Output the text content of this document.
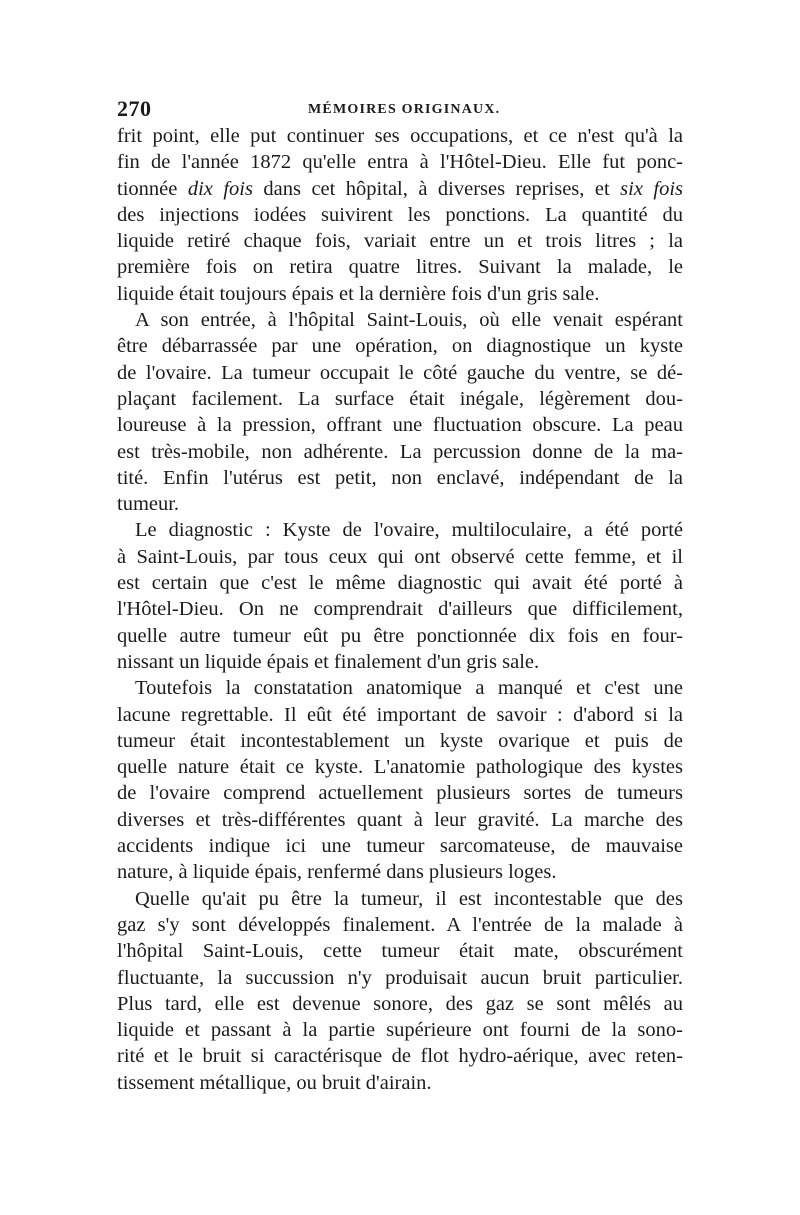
270	MÉMOIRES ORIGINAUX.
frit point, elle put continuer ses occupations, et ce n'est qu'à la
fin de l'année 1872 qu'elle entra à l'Hôtel-Dieu. Elle fut ponc-
tionnée dix fois dans cet hôpital, à diverses reprises, et six fois
des injections iodées suivirent les ponctions. La quantité du
liquide retiré chaque fois, variait entre un et trois litres ; la
première fois on retira quatre litres. Suivant la malade, le
liquide était toujours épais et la dernière fois d'un gris sale.
A son entrée, à l'hôpital Saint-Louis, où elle venait espérant
être débarrassée par une opération, on diagnostique un kyste
de l'ovaire. La tumeur occupait le côté gauche du ventre, se dé-
plaçant facilement. La surface était inégale, légèrement dou-
loureuse à la pression, offrant une fluctuation obscure. La peau
est très-mobile, non adhérente. La percussion donne de la ma-
tité. Enfin l'utérus est petit, non enclavé, indépendant de la
tumeur.
Le diagnostic : Kyste de l'ovaire, multiloculaire, a été porté
à Saint-Louis, par tous ceux qui ont observé cette femme, et il
est certain que c'est le même diagnostic qui avait été porté à
l'Hôtel-Dieu. On ne comprendrait d'ailleurs que difficilement,
quelle autre tumeur eût pu être ponctionnée dix fois en four-
nissant un liquide épais et finalement d'un gris sale.
Toutefois la constatation anatomique a manqué et c'est une
lacune regrettable. Il eût été important de savoir : d'abord si la
tumeur était incontestablement un kyste ovarique et puis de
quelle nature était ce kyste. L'anatomie pathologique des kystes
de l'ovaire comprend actuellement plusieurs sortes de tumeurs
diverses et très-différentes quant à leur gravité. La marche des
accidents indique ici une tumeur sarcomateuse, de mauvaise
nature, à liquide épais, renfermé dans plusieurs loges.
Quelle qu'ait pu être la tumeur, il est incontestable que des
gaz s'y sont développés finalement. A l'entrée de la malade à
l'hôpital Saint-Louis, cette tumeur était mate, obscurément
fluctuante, la succussion n'y produisait aucun bruit particulier.
Plus tard, elle est devenue sonore, des gaz se sont mêlés au
liquide et passant à la partie supérieure ont fourni de la sono-
rité et le bruit si caractérisque de flot hydro-aérique, avec reten-
tissement métallique, ou bruit d'airain.
